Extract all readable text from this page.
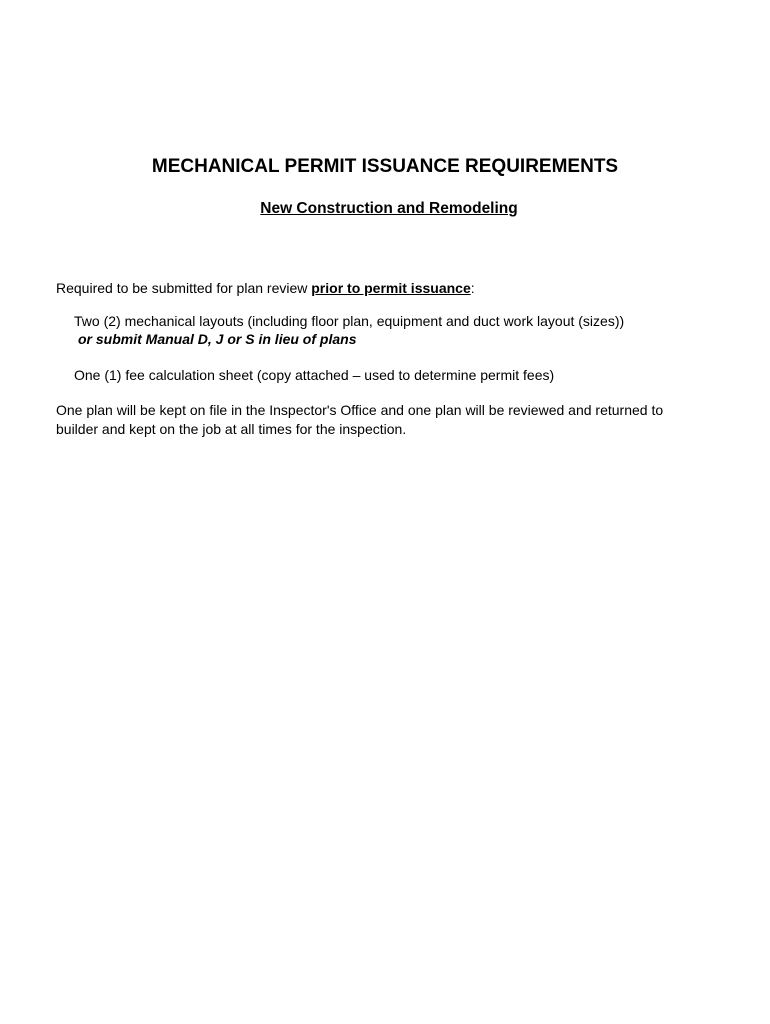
MECHANICAL PERMIT ISSUANCE REQUIREMENTS
New Construction and Remodeling

Required to be submitted for plan review prior to permit issuance:

Two (2) mechanical layouts (including floor plan, equipment and duct work layout (sizes))

or submit Manual D, J or S in lieu of plans

One (1) fee calculation sheet (copy attached – used to determine permit fees)

One plan will be kept on file in the Inspector's Office and one plan will be reviewed and returned to
builder and kept on the job at all times for the inspection.
